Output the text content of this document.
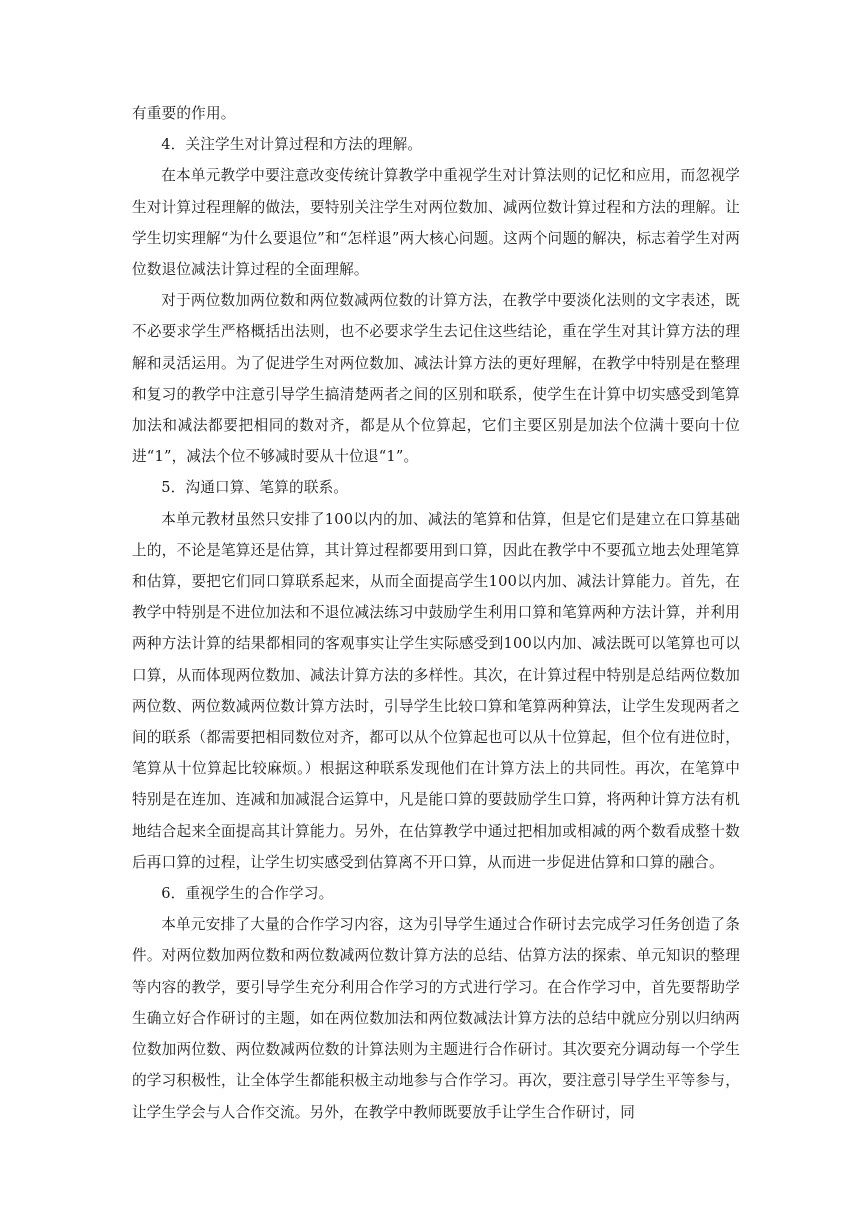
有重要的作用。

4．关注学生对计算过程和方法的理解。

在本单元教学中要注意改变传统计算教学中重视学生对计算法则的记忆和应用，而忽视学生对计算过程理解的做法，要特别关注学生对两位数加、减两位数计算过程和方法的理解。让学生切实理解“为什么要退位”和“怎样退”两大核心问题。这两个问题的解决，标志着学生对两位数退位减法计算过程的全面理解。

对于两位数加两位数和两位数减两位数的计算方法，在教学中要淡化法则的文字表述，既不必要求学生严格概括出法则，也不必要求学生去记住这些结论，重在学生对其计算方法的理解和灵活运用。为了促进学生对两位数加、减法计算方法的更好理解，在教学中特别是在整理和复习的教学中注意引导学生搞清楚两者之间的区别和联系，使学生在计算中切实感受到笔算加法和减法都要把相同的数对齐，都是从个位算起，它们主要区别是加法个位满十要向十位进“1”，减法个位不够减时要从十位退“1”。

5．沟通口算、笔算的联系。

本单元教材虽然只安排了100以内的加、减法的笔算和估算，但是它们是建立在口算基础上的，不论是笔算还是估算，其计算过程都要用到口算，因此在教学中不要孤立地去处理笔算和估算，要把它们同口算联系起来，从而全面提高学生100以内加、减法计算能力。首先，在教学中特别是不进位加法和不退位减法练习中鼓励学生利用口算和笔算两种方法计算，并利用两种方法计算的结果都相同的客观事实让学生实际感受到100以内加、减法既可以笔算也可以口算，从而体现两位数加、减法计算方法的多样性。其次，在计算过程中特别是总结两位数加两位数、两位数减两位数计算方法时，引导学生比较口算和笔算两种算法，让学生发现两者之间的联系（都需要把相同数位对齐，都可以从个位算起也可以从十位算起，但个位有进位时，笔算从十位算起比较麻烦。）根据这种联系发现他们在计算方法上的共同性。再次，在笔算中特别是在连加、连减和加减混合运算中，凡是能口算的要鼓励学生口算，将两种计算方法有机地结合起来全面提高其计算能力。另外，在估算教学中通过把相加或相减的两个数看成整十数后再口算的过程，让学生切实感受到估算离不开口算，从而进一步促进估算和口算的融合。

6．重视学生的合作学习。

本单元安排了大量的合作学习内容，这为引导学生通过合作研讨去完成学习任务创造了条件。对两位数加两位数和两位数减两位数计算方法的总结、估算方法的探索、单元知识的整理等内容的教学，要引导学生充分利用合作学习的方式进行学习。在合作学习中，首先要帮助学生确立好合作研讨的主题，如在两位数加法和两位数减法计算方法的总结中就应分别以归纳两位数加两位数、两位数减两位数的计算法则为主题进行合作研讨。其次要充分调动每一个学生的学习积极性，让全体学生都能积极主动地参与合作学习。再次，要注意引导学生平等参与，让学生学会与人合作交流。另外，在教学中教师既要放手让学生合作研讨，同
